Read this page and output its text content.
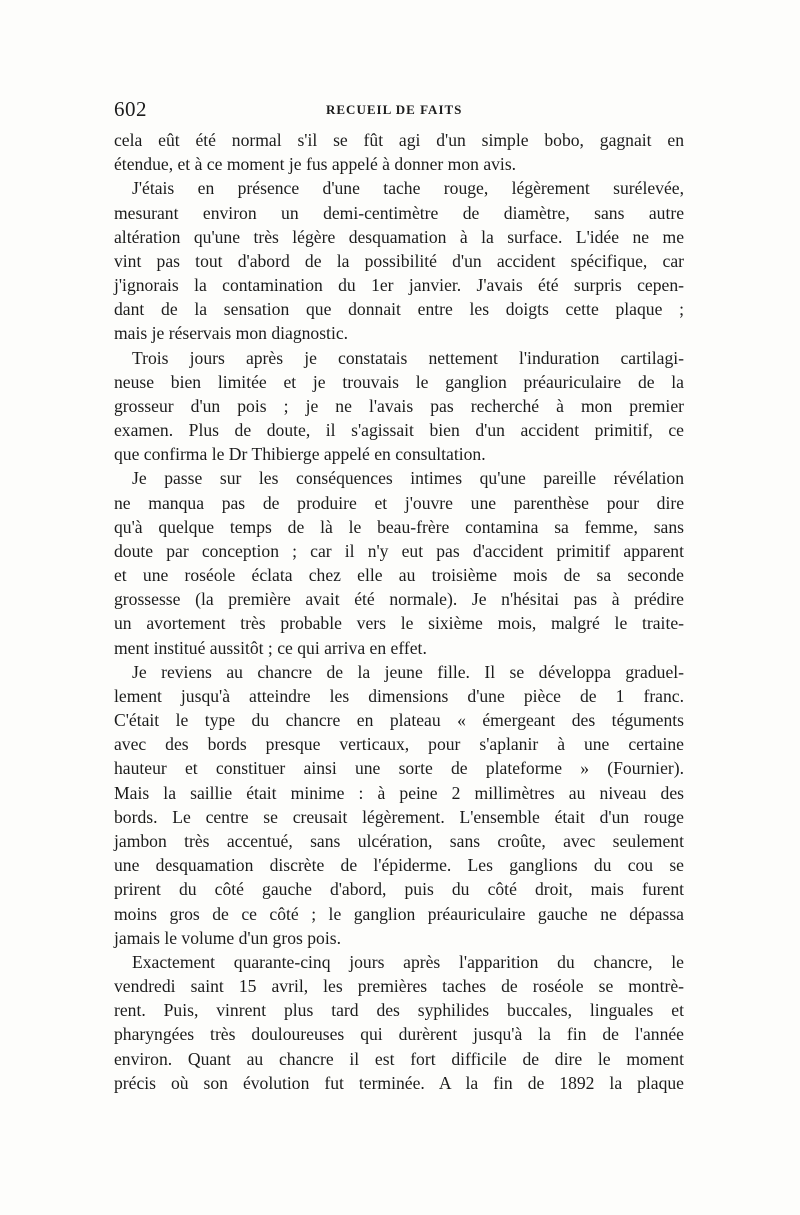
602	RECUEIL DE FAITS
cela eût été normal s'il se fût agi d'un simple bobo, gagnait en
étendue, et à ce moment je fus appelé à donner mon avis.
J'étais en présence d'une tache rouge, légèrement surélevée,
mesurant environ un demi-centimètre de diamètre, sans autre
altération qu'une très légère desquamation à la surface. L'idée ne me
vint pas tout d'abord de la possibilité d'un accident spécifique, car
j'ignorais la contamination du 1er janvier. J'avais été surpris cepen-
dant de la sensation que donnait entre les doigts cette plaque ;
mais je réservais mon diagnostic.
Trois jours après je constatais nettement l'induration cartilagi-
neuse bien limitée et je trouvais le ganglion préauriculaire de la
grosseur d'un pois ; je ne l'avais pas recherché à mon premier
examen. Plus de doute, il s'agissait bien d'un accident primitif, ce
que confirma le Dr Thibierge appelé en consultation.
Je passe sur les conséquences intimes qu'une pareille révélation
ne manqua pas de produire et j'ouvre une parenthèse pour dire
qu'à quelque temps de là le beau-frère contamina sa femme, sans
doute par conception ; car il n'y eut pas d'accident primitif apparent
et une roséole éclata chez elle au troisième mois de sa seconde
grossesse (la première avait été normale). Je n'hésitai pas à prédire
un avortement très probable vers le sixième mois, malgré le traite-
ment institué aussitôt ; ce qui arriva en effet.
Je reviens au chancre de la jeune fille. Il se développa graduel-
lement jusqu'à atteindre les dimensions d'une pièce de 1 franc.
C'était le type du chancre en plateau « émergeant des téguments
avec des bords presque verticaux, pour s'aplanir à une certaine
hauteur et constituer ainsi une sorte de plateforme » (Fournier).
Mais la saillie était minime : à peine 2 millimètres au niveau des
bords. Le centre se creusait légèrement. L'ensemble était d'un rouge
jambon très accentué, sans ulcération, sans croûte, avec seulement
une desquamation discrète de l'épiderme. Les ganglions du cou se
prirent du côté gauche d'abord, puis du côté droit, mais furent
moins gros de ce côté ; le ganglion préauriculaire gauche ne dépassa
jamais le volume d'un gros pois.
Exactement quarante-cinq jours après l'apparition du chancre, le
vendredi saint 15 avril, les premières taches de roséole se montrè-
rent. Puis, vinrent plus tard des syphilides buccales, linguales et
pharyngées très douloureuses qui durèrent jusqu'à la fin de l'année
environ. Quant au chancre il est fort difficile de dire le moment
précis où son évolution fut terminée. A la fin de 1892 la plaque
